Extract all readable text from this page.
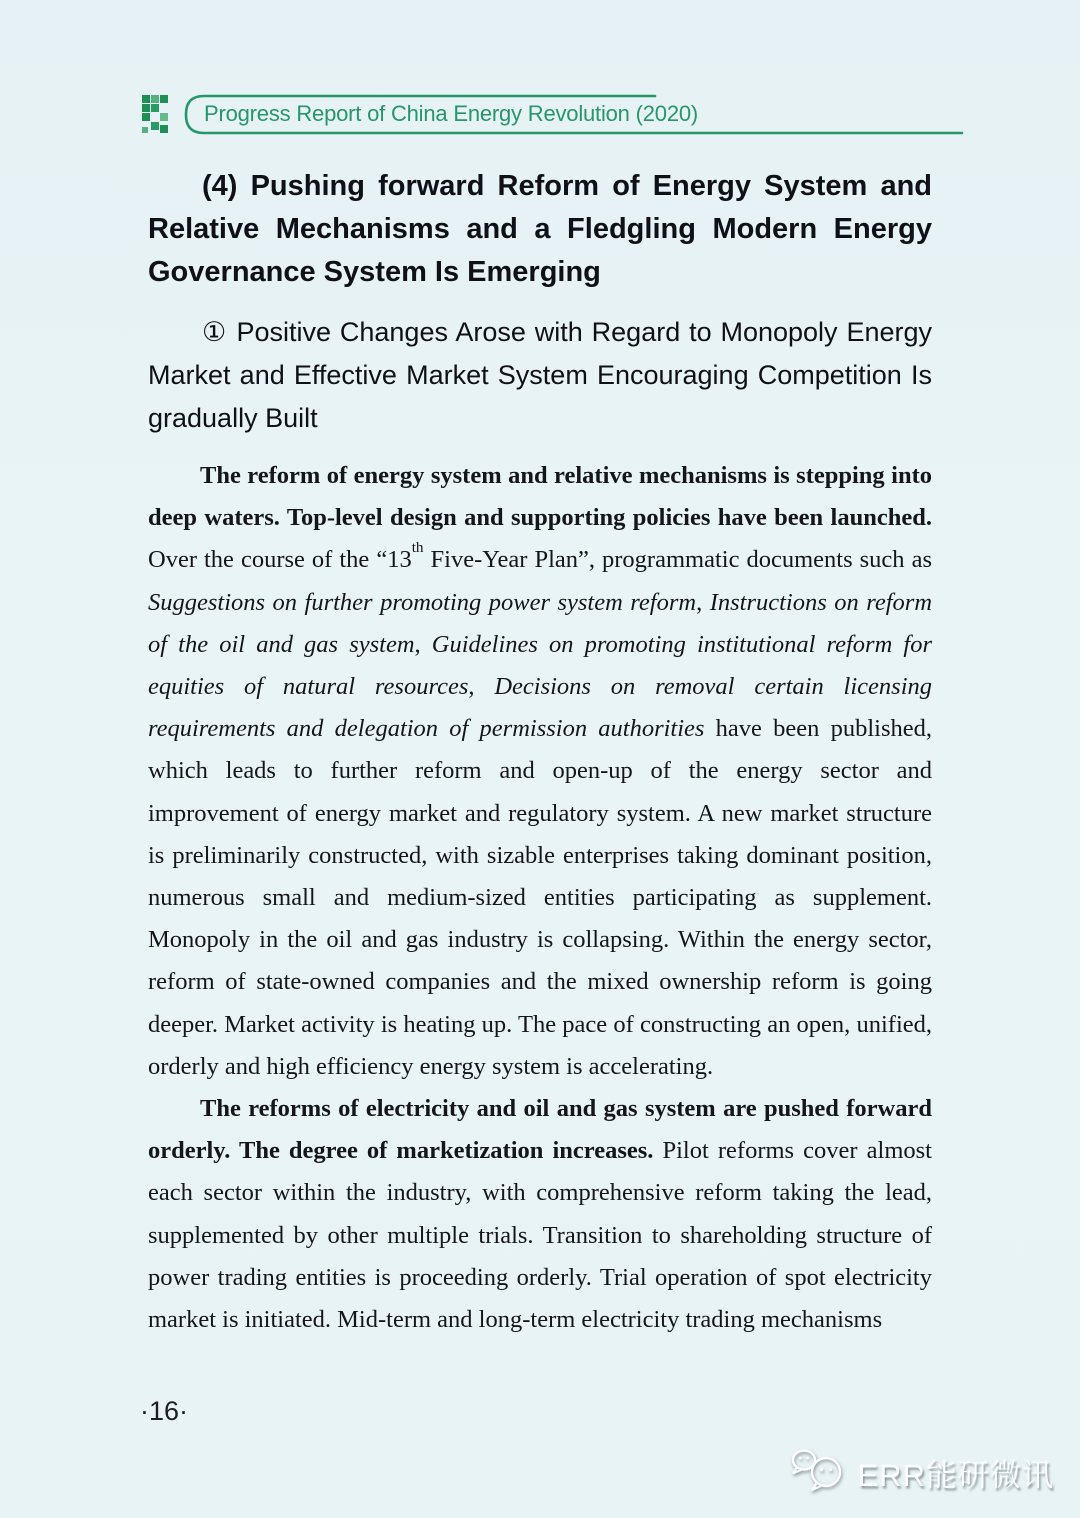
Progress Report of China Energy Revolution (2020)
(4) Pushing forward Reform of Energy System and Relative Mechanisms and a Fledgling Modern Energy Governance System Is Emerging
① Positive Changes Arose with Regard to Monopoly Energy Market and Effective Market System Encouraging Competition Is gradually Built

The reform of energy system and relative mechanisms is stepping into deep waters. Top-level design and supporting policies have been launched. Over the course of the “13th Five-Year Plan”, programmatic documents such as Suggestions on further promoting power system reform, Instructions on reform of the oil and gas system, Guidelines on promoting institutional reform for equities of natural resources, Decisions on removal certain licensing requirements and delegation of permission authorities have been published, which leads to further reform and open-up of the energy sector and improvement of energy market and regulatory system. A new market structure is preliminarily constructed, with sizable enterprises taking dominant position, numerous small and medium-sized entities participating as supplement. Monopoly in the oil and gas industry is collapsing. Within the energy sector, reform of state-owned companies and the mixed ownership reform is going deeper. Market activity is heating up. The pace of constructing an open, unified, orderly and high efficiency energy system is accelerating.

The reforms of electricity and oil and gas system are pushed forward orderly. The degree of marketization increases. Pilot reforms cover almost each sector within the industry, with comprehensive reform taking the lead, supplemented by other multiple trials. Transition to shareholding structure of power trading entities is proceeding orderly. Trial operation of spot electricity market is initiated. Mid-term and long-term electricity trading mechanisms

·16·
ERR能研微讯
